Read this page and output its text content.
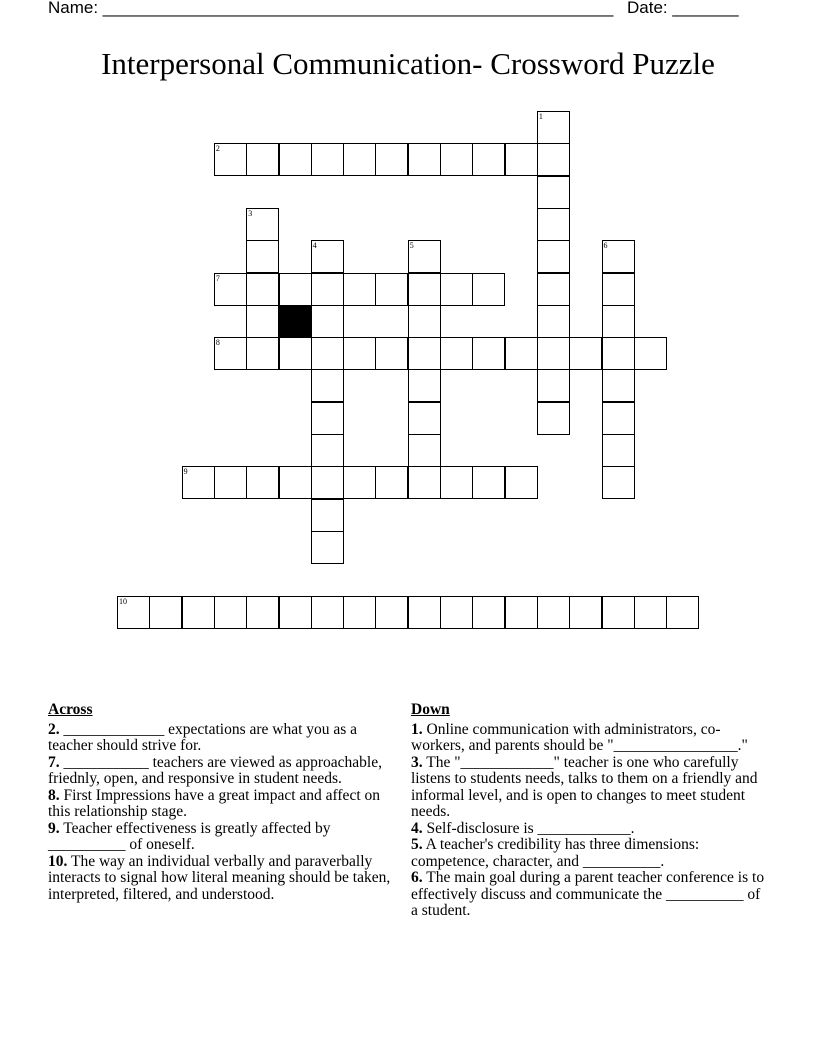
Name: ______________________________________________________ Date: _______
Interpersonal Communication- Crossword Puzzle
1
2
3
4	5	6
7
8
9
10
Across

2. _____________ expectations are what you as a teacher should strive for.

7. ___________ teachers are viewed as approachable, friednly, open, and responsive in student needs.

8. First Impressions have a great impact and affect on this relationship stage.

9. Teacher effectiveness is greatly affected by __________ of oneself.

10. The way an individual verbally and paraverbally interacts to signal how literal meaning should be taken, interpreted, filtered, and understood.

Down

1. Online communication with administrators, co-workers, and parents should be "________________."

3. The "____________" teacher is one who carefully listens to students needs, talks to them on a friendly and informal level, and is open to changes to meet student needs.

4. Self-disclosure is ____________.

5. A teacher's credibility has three dimensions: competence, character, and __________.

6. The main goal during a parent teacher conference is to effectively discuss and communicate the __________ of a student.
